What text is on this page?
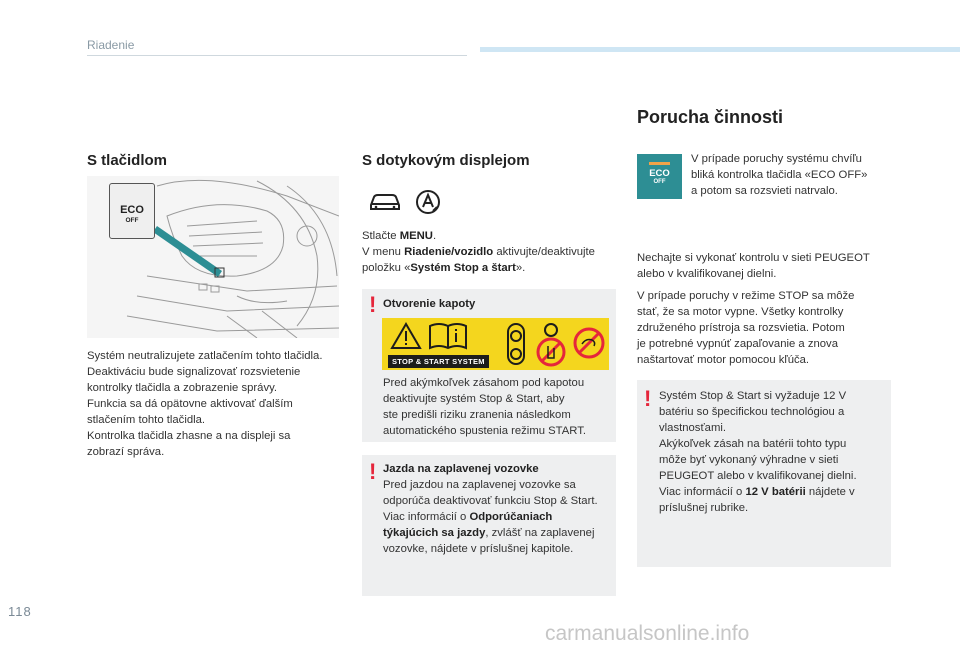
Riadenie
S tlačidlom
ECO
OFF
Systém neutralizujete zatlačením tohto tlačidla.
Deaktiváciu bude signalizovať rozsvietenie
kontrolky tlačidla a zobrazenie správy.
Funkcia sa dá opätovne aktivovať ďalším
stlačením tohto tlačidla.
Kontrolka tlačidla zhasne a na displeji sa
zobrazí správa.
S dotykovým displejom
Stlačte MENU.
V menu Riadenie/vozidlo aktivujte/deaktivujte
položku «Systém Stop a štart».
! Otvorenie kapoty
STOP & START SYSTEM
Pred akýmkoľvek zásahom pod kapotou
deaktivujte systém Stop & Start, aby
ste predišli riziku zranenia následkom
automatického spustenia režimu START.
! Jazda na zaplavenej vozovke
Pred jazdou na zaplavenej vozovke sa
odporúča deaktivovať funkciu Stop & Start.
Viac informácií o Odporúčaniach
týkajúcich sa jazdy, zvlášť na zaplavenej
vozovke, nájdete v príslušnej kapitole.
Porucha činnosti
ECO
OFF
V prípade poruchy systému chvíľu
bliká kontrolka tlačidla «ECO OFF»
a potom sa rozsvieti natrvalo.
Nechajte si vykonať kontrolu v sieti PEUGEOT
alebo v kvalifikovanej dielni.
V prípade poruchy v režime STOP sa môže
stať, že sa motor vypne. Všetky kontrolky
združeného prístroja sa rozsvietia. Potom
je potrebné vypnúť zapaľovanie a znova
naštartovať motor pomocou kľúča.
! Systém Stop & Start si vyžaduje 12 V
batériu so špecifickou technológiou a
vlastnosťami.
Akýkoľvek zásah na batérii tohto typu
môže byť vykonaný výhradne v sieti
PEUGEOT alebo v kvalifikovanej dielni.
Viac informácií o 12 V batérii nájdete v
príslušnej rubrike.
118
carmanualsonline.info
